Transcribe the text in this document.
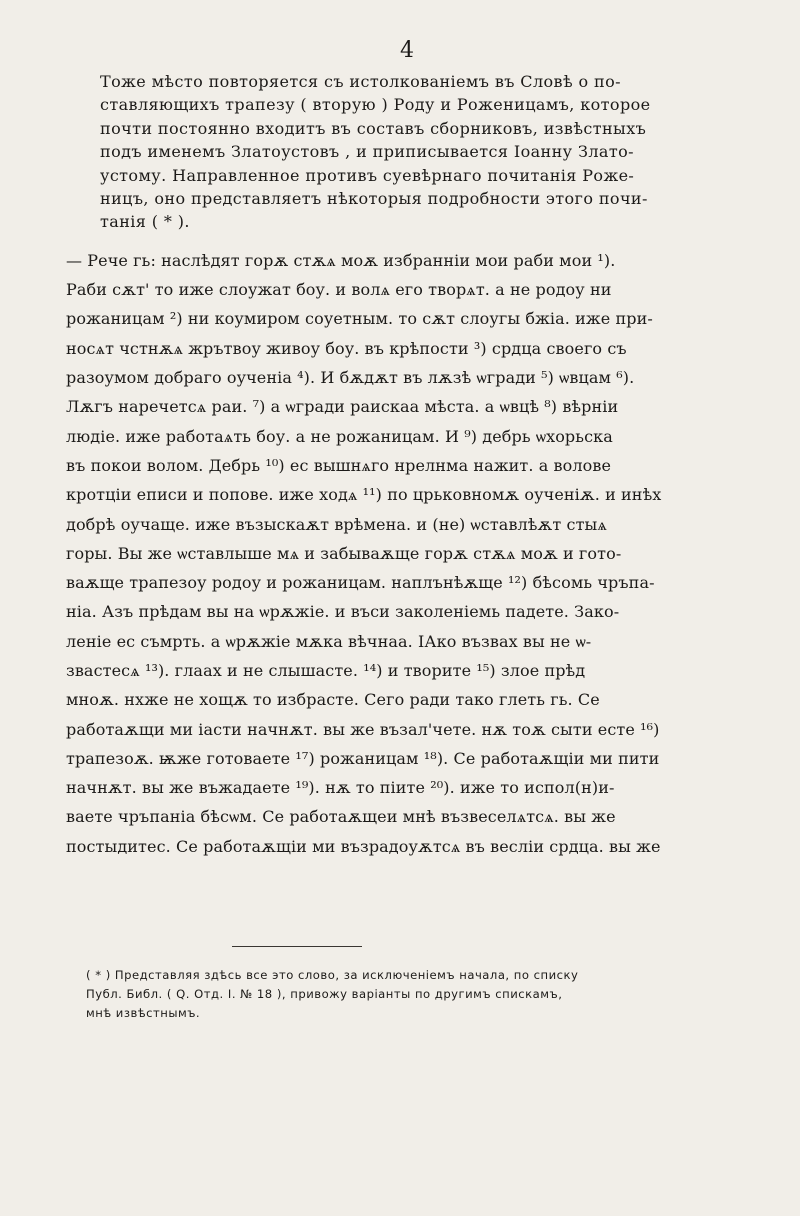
4

Тоже мѣсто повторяется съ истолкованіемъ въ Словѣ о по-
ставляющихъ трапезу ( вторую ) Роду и Роженицамъ, которое
почти постоянно входитъ въ составъ сборниковъ, извѣстныхъ
подъ именемъ Златоустовъ , и приписывается Іоанну Злато-
устому. Направленное противъ суевѣрнаго почитанія Роже-
ницъ, оно представляетъ нѣкоторыя подробности этого почи-
танія ( * ).

— Рече гь: наслѣдят горѫ стѫѧ моѫ избранніи мои раби мои ¹).
Раби сѫт' то иже слоужат боу. и волѧ его творѧт. а не родоу ни
рожаницам ²) ни коумиром соуетным. то сѫт слоугы бжіа. иже при-
носѧт чстнѫѧ жрътвоу живоу боу. въ крѣпости ³) срдца своего съ
разоумом добраго оученіа ⁴). И бѫдѫт въ лѫзѣ ѡгради ⁵) ѡвцам ⁶).
Лѫгъ наречетсѧ раи. ⁷) а ѡгради раискаа мѣста. а ѡвцѣ ⁸) вѣрніи
людіе. иже работаѧть боу. а не рожаницам. И ⁹) дебрь ѡхорьска
въ покои волом. Дебрь ¹⁰) ес вышнѧго нрелнма нажит. а волове
кротціи еписи и попове. иже ходѧ ¹¹) по црьковномѫ оученіѫ. и инѣх
добрѣ оучаще. иже възыскаѫт врѣмена. и (не) ѡставлѣѫт стыѧ
горы. Вы же ѡставлыше мѧ и забываѫще горѫ стѫѧ моѫ и гото-
ваѫще трапезоу родоу и рожаницам. наплънѣѫще ¹²) бѣсомь чръпа-
ніа. Азъ прѣдам вы на ѡрѫжіе. и въси заколеніемь падете. Зако-
леніе ес съмрть. а ѡрѫжіе мѫка вѣчнаа. ІАко възвах вы не ѡ-
звастесѧ ¹³). глаах и не слышасте. ¹⁴) и творите ¹⁵) злое прѣд
мноѫ. нхже не хощѫ то избрасте. Сего ради тако глеть гь. Се
работаѫщи ми iасти начнѫт. вы же възал'чете. нѫ тоѫ сыти есте ¹⁶)
трапезоѫ. ѭже готоваете ¹⁷) рожаницам ¹⁸). Се работаѫщіи ми пити
начнѫт. вы же въжадаете ¹⁹). нѫ то піите ²⁰). иже то испол(н)и-
ваете чръпаніа бѣсѡм. Се работаѫщеи мнѣ възвеселѧтсѧ. вы же
постыдитес. Се работаѫщіи ми възрадоуѫтсѧ въ весліи срдца. вы же

( * ) Представляя здѣсь все это слово, за исключеніемъ начала, по списку
Публ. Библ. ( Q. Отд. I. № 18 ), привожу варіанты по другимъ спискамъ,
мнѣ извѣстнымъ.
